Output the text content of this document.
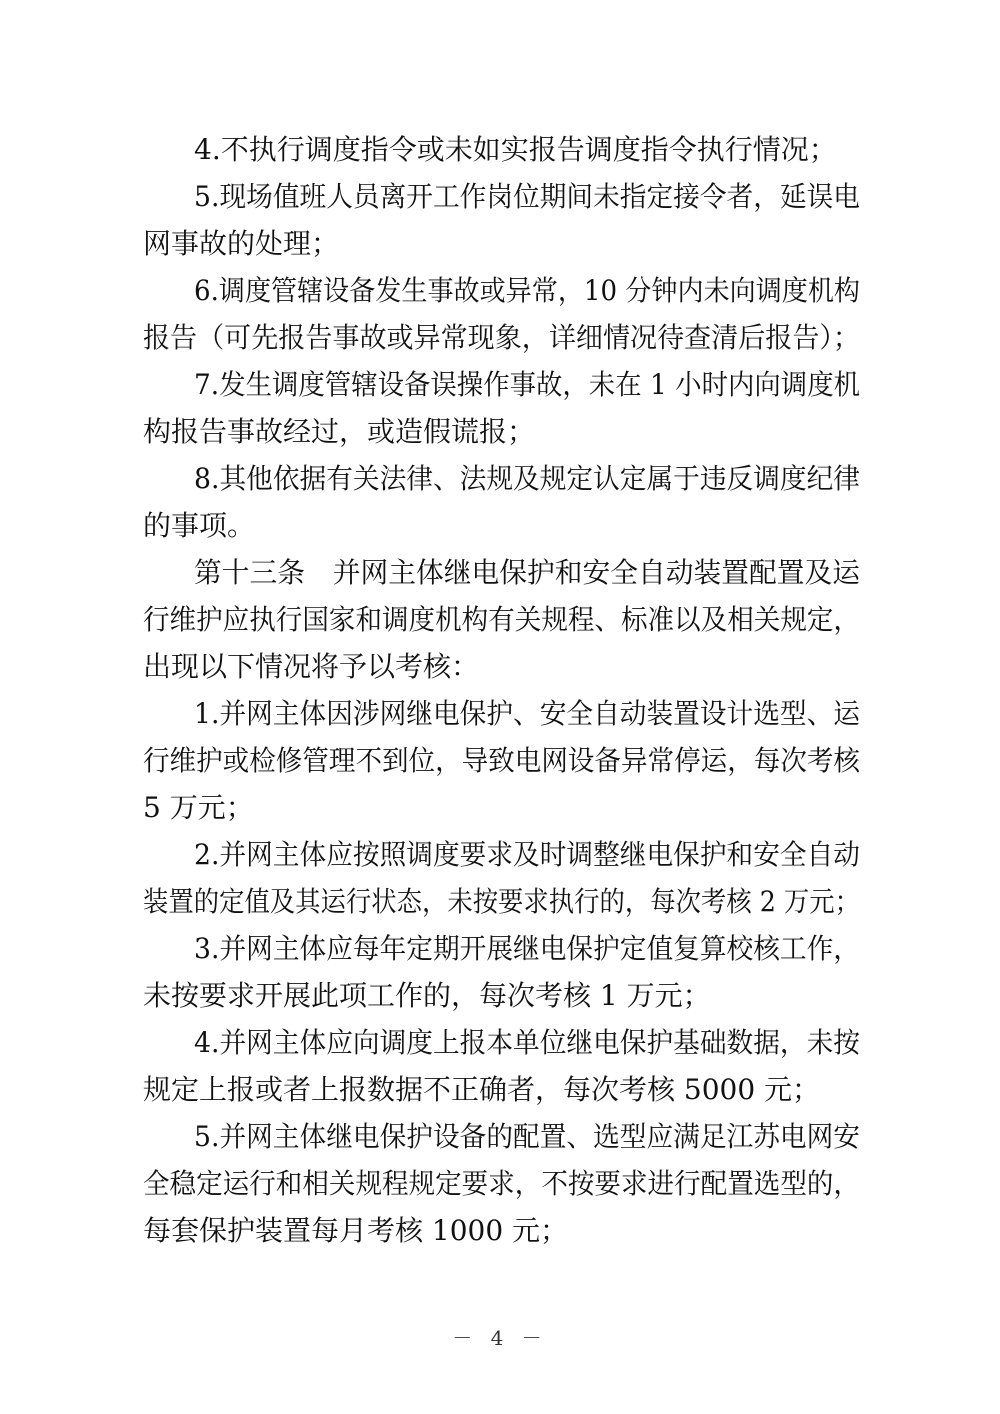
4.不执行调度指令或未如实报告调度指令执行情况；
5.现场值班人员离开工作岗位期间未指定接令者，延误电
网事故的处理；
6.调度管辖设备发生事故或异常，10 分钟内未向调度机构
报告（可先报告事故或异常现象，详细情况待查清后报告）；
7.发生调度管辖设备误操作事故，未在 1 小时内向调度机
构报告事故经过，或造假谎报；
8.其他依据有关法律、法规及规定认定属于违反调度纪律
的事项。
第十三条　并网主体继电保护和安全自动装置配置及运
行维护应执行国家和调度机构有关规程、标准以及相关规定，
出现以下情况将予以考核：
1.并网主体因涉网继电保护、安全自动装置设计选型、运
行维护或检修管理不到位，导致电网设备异常停运，每次考核
5 万元；
2.并网主体应按照调度要求及时调整继电保护和安全自动
装置的定值及其运行状态，未按要求执行的，每次考核 2 万元；
3.并网主体应每年定期开展继电保护定值复算校核工作，
未按要求开展此项工作的，每次考核 1 万元；
4.并网主体应向调度上报本单位继电保护基础数据，未按
规定上报或者上报数据不正确者，每次考核 5000 元；
5.并网主体继电保护设备的配置、选型应满足江苏电网安
全稳定运行和相关规程规定要求，不按要求进行配置选型的，
每套保护装置每月考核 1000 元；
－ 4 －
